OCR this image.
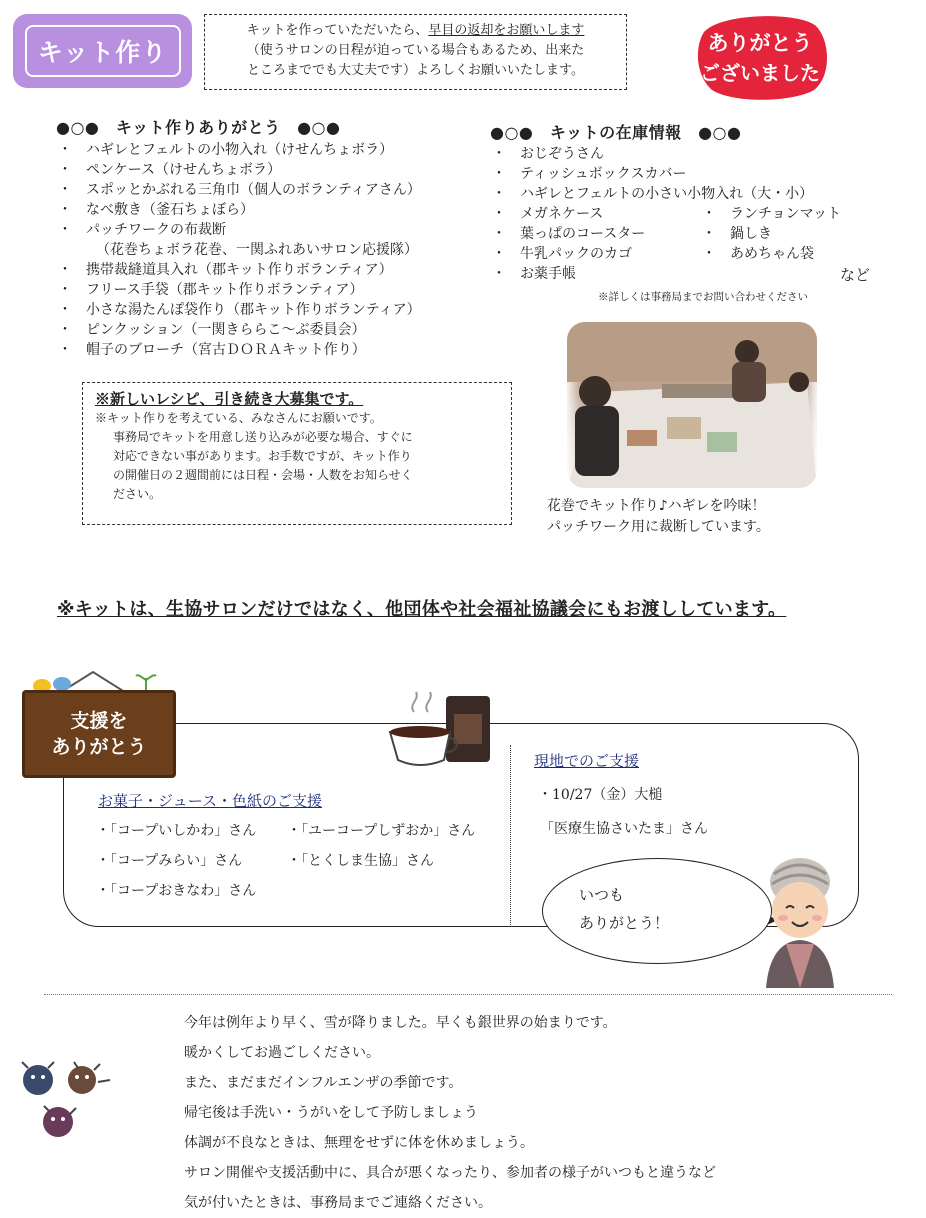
キット作り
キットを作っていただいたら、早目の返却をお願いします
（使うサロンの日程が迫っている場合もあるため、出来た
ところまででも大丈夫です）よろしくお願いいたします。
ありがとう
ございました
●○●　キット作りありがとう　●○●
・ ハギレとフェルトの小物入れ（けせんちょボラ）
・ ペンケース（けせんちょボラ）
・ スポッとかぶれる三角巾（個人のボランティアさん）
・ なべ敷き（釜石ちょぼら）
・ パッチワークの布裁断
（花巻ちょボラ花巻、一関ふれあいサロン応援隊）
・ 携帯裁縫道具入れ（郡キット作りボランティア）
・ フリース手袋（郡キット作りボランティア）
・ 小さな湯たんぽ袋作り（郡キット作りボランティア）
・ ピンクッション（一関きららこ～ぶ委員会）
・ 帽子のブローチ（宮古ＤＯＲＡキット作り）
●○●　キットの在庫情報　●○●
・ おじぞうさん
・ ティッシュボックスカバー
・ ハギレとフェルトの小さい小物入れ（大・小）
・ メガネケース
・ 葉っぱのコースター
・ 牛乳パックのカゴ
・ お薬手帳
・ ランチョンマット
・ 鍋しき
・ あめちゃん袋
など
※詳しくは事務局までお問い合わせください
※新しいレシピ、引き続き大募集です。
※キット作りを考えている、みなさんにお願いです。
事務局でキットを用意し送り込みが必要な場合、すぐに
対応できない事があります。お手数ですが、キット作り
の開催日の２週間前には日程・会場・人数をお知らせく
ださい。
花巻でキット作り♪ハギレを吟味！
パッチワーク用に裁断しています。
※キットは、生協サロンだけではなく、他団体や社会福祉協議会にもお渡ししています。
支援を
ありがとう
お菓子・ジュース・色紙のご支援
・「コープいしかわ」さん
・「コープみらい」さん
・「コープおきなわ」さん
・「ユーコープしずおか」さん
・「とくしま生協」さん
現地でのご支援
・10/27（金）大槌
「医療生協さいたま」さん
いつも
ありがとう！
今年は例年より早く、雪が降りました。早くも銀世界の始まりです。
暖かくしてお過ごしください。
また、まだまだインフルエンザの季節です。
帰宅後は手洗い・うがいをして予防しましょう
体調が不良なときは、無理をせずに体を休めましょう。
サロン開催や支援活動中に、具合が悪くなったり、参加者の様子がいつもと違うなど
気が付いたときは、事務局までご連絡ください。
